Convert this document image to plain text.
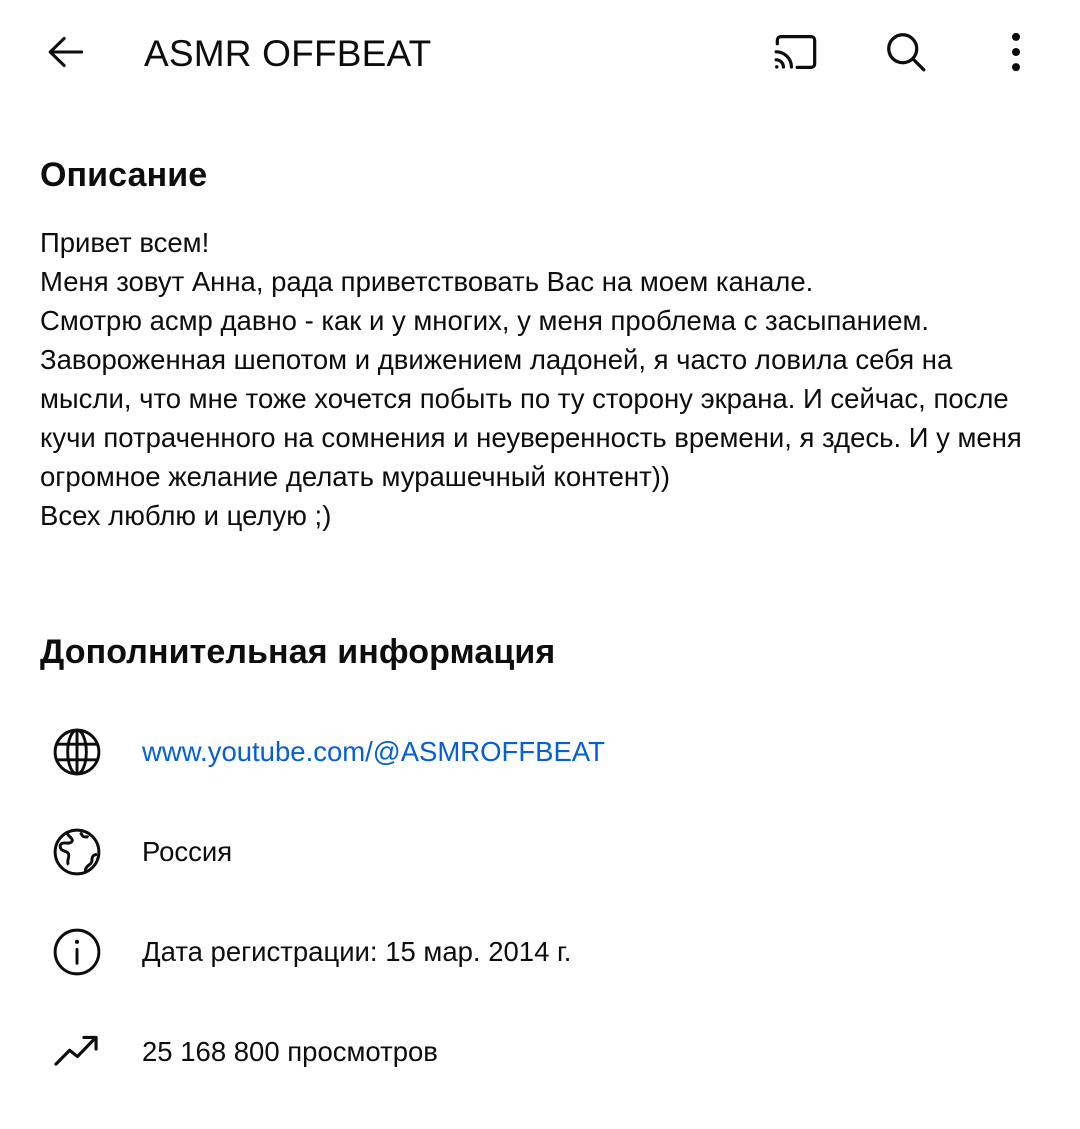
ASMR OFFBEAT
Описание
Привет всем!
Меня зовут Анна, рада приветствовать Вас на моем канале.
Смотрю асмр давно - как и у многих, у меня проблема с засыпанием.
Завороженная шепотом и движением ладоней, я часто ловила себя на мысли, что мне тоже хочется побыть по ту сторону экрана. И сейчас, после кучи потраченного на сомнения и неуверенность времени, я здесь. И у меня огромное желание делать мурашечный контент))
Всех люблю и целую ;)
Дополнительная информация
www.youtube.com/@ASMROFFBEAT
Россия
Дата регистрации: 15 мар. 2014 г.
25 168 800 просмотров
